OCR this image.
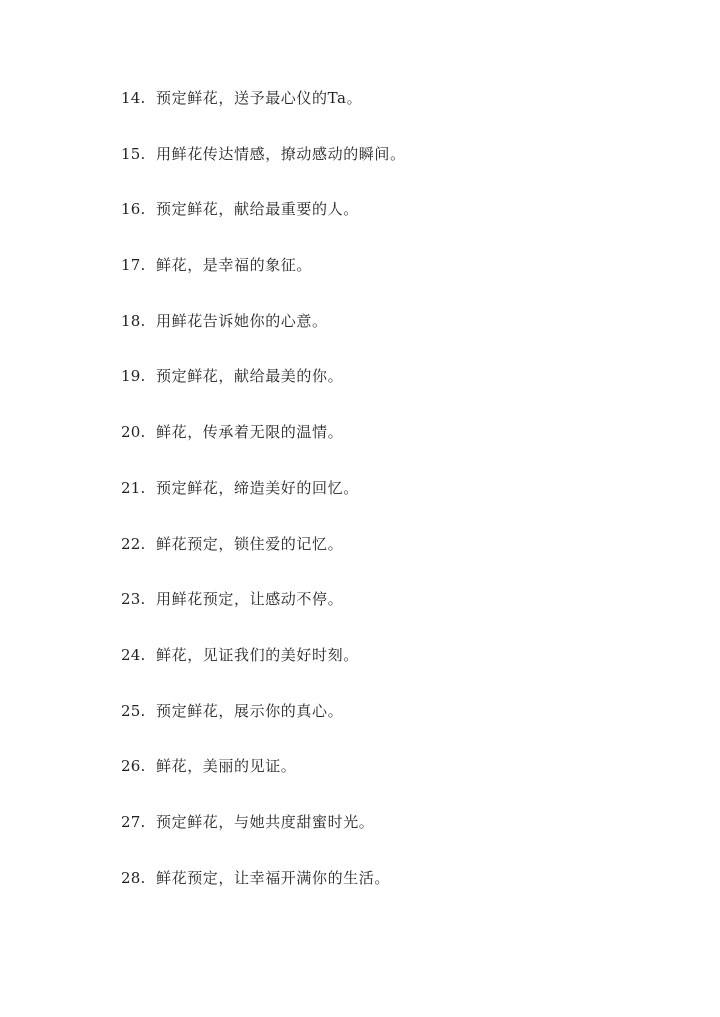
14. 预定鲜花，送予最心仪的Ta。
15. 用鲜花传达情感，撩动感动的瞬间。
16. 预定鲜花，献给最重要的人。
17. 鲜花，是幸福的象征。
18. 用鲜花告诉她你的心意。
19. 预定鲜花，献给最美的你。
20. 鲜花，传承着无限的温情。
21. 预定鲜花，缔造美好的回忆。
22. 鲜花预定，锁住爱的记忆。
23. 用鲜花预定，让感动不停。
24. 鲜花，见证我们的美好时刻。
25. 预定鲜花，展示你的真心。
26. 鲜花，美丽的见证。
27. 预定鲜花，与她共度甜蜜时光。
28. 鲜花预定，让幸福开满你的生活。
